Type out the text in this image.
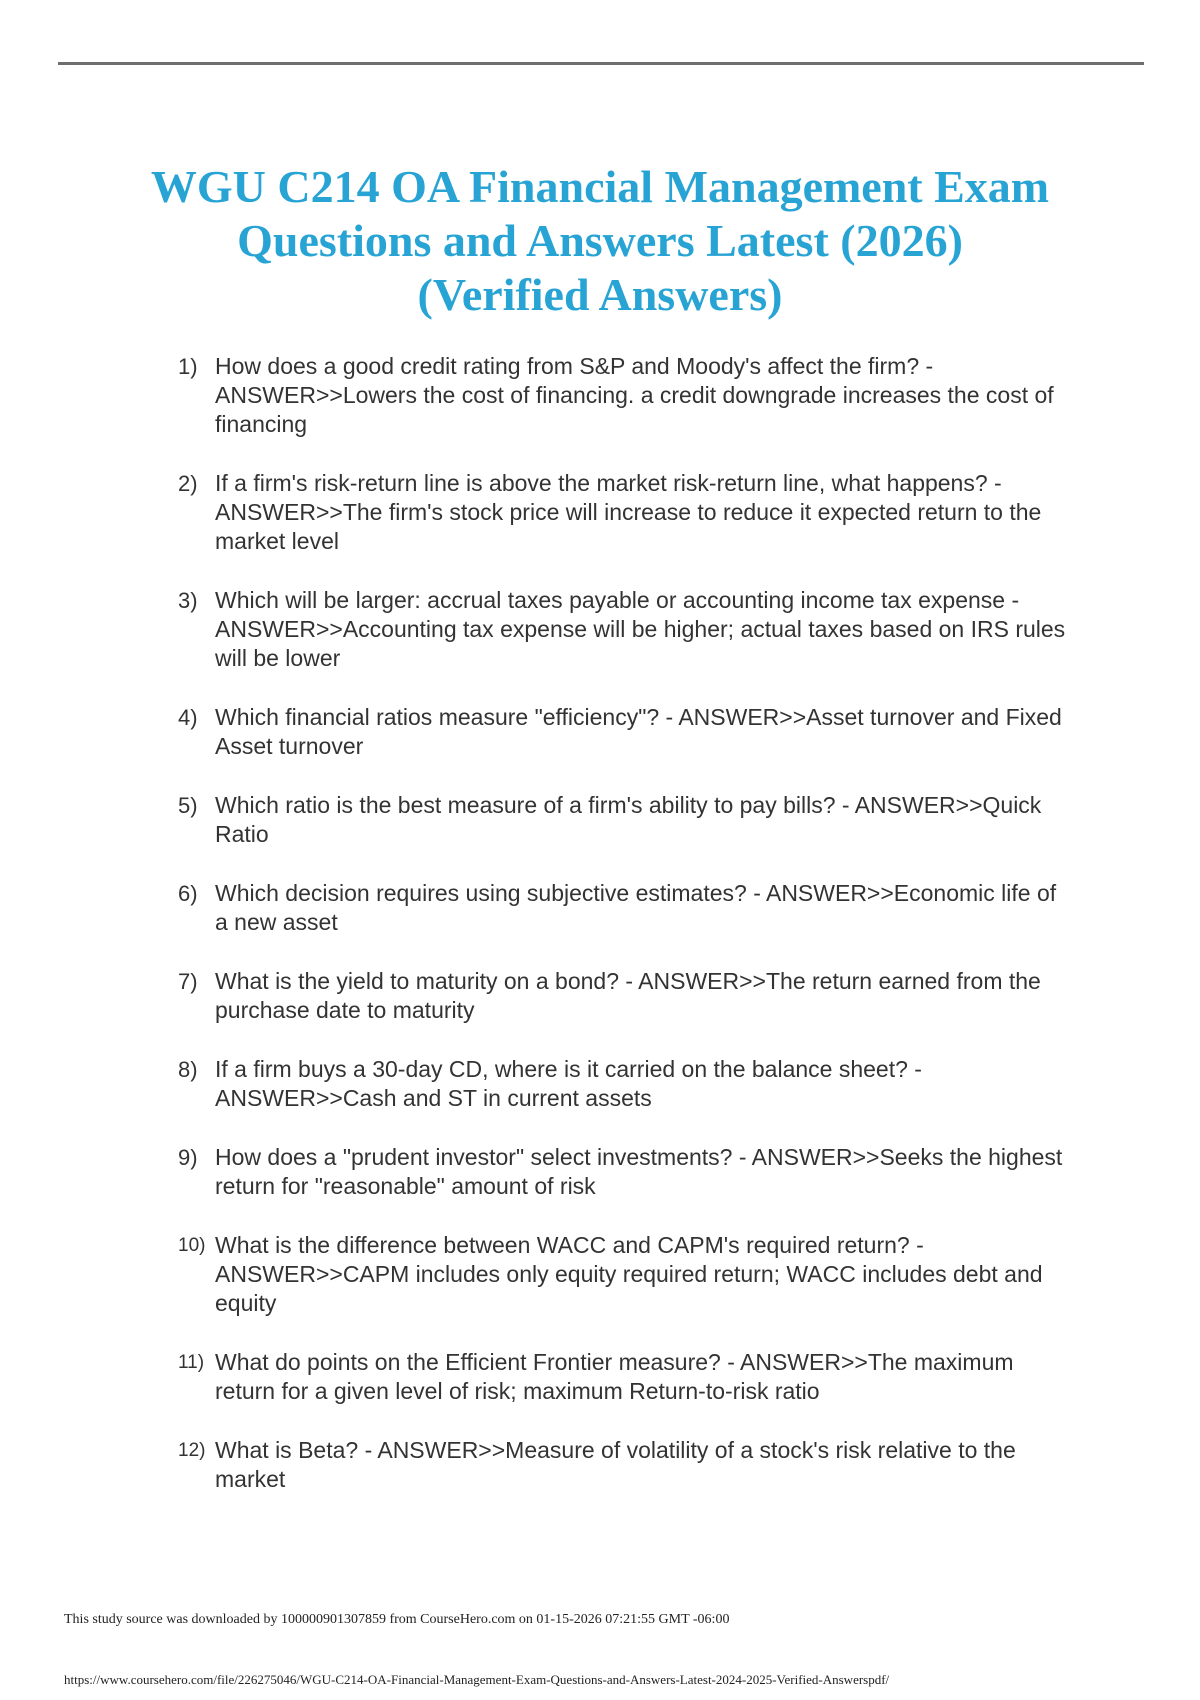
WGU C214 OA Financial Management Exam
Questions and Answers Latest (2026)
(Verified Answers)
1) How does a good credit rating from S&P and Moody's affect the firm? - ANSWER>>Lowers the cost of financing. a credit downgrade increases the cost of financing
2) If a firm's risk-return line is above the market risk-return line, what happens? - ANSWER>>The firm's stock price will increase to reduce it expected return to the market level
3) Which will be larger: accrual taxes payable or accounting income tax expense - ANSWER>>Accounting tax expense will be higher; actual taxes based on IRS rules will be lower
4) Which financial ratios measure "efficiency"? - ANSWER>>Asset turnover and Fixed Asset turnover
5) Which ratio is the best measure of a firm's ability to pay bills? - ANSWER>>Quick Ratio
6) Which decision requires using subjective estimates? - ANSWER>>Economic life of a new asset
7) What is the yield to maturity on a bond? - ANSWER>>The return earned from the purchase date to maturity
8) If a firm buys a 30-day CD, where is it carried on the balance sheet? - ANSWER>>Cash and ST in current assets
9) How does a "prudent investor" select investments? - ANSWER>>Seeks the highest return for "reasonable" amount of risk
10) What is the difference between WACC and CAPM's required return? - ANSWER>>CAPM includes only equity required return; WACC includes debt and equity
11) What do points on the Efficient Frontier measure? - ANSWER>>The maximum return for a given level of risk; maximum Return-to-risk ratio
12) What is Beta? - ANSWER>>Measure of volatility of a stock's risk relative to the market
This study source was downloaded by 100000901307859 from CourseHero.com on 01-15-2026 07:21:55 GMT -06:00
https://www.coursehero.com/file/226275046/WGU-C214-OA-Financial-Management-Exam-Questions-and-Answers-Latest-2024-2025-Verified-Answerspdf/
